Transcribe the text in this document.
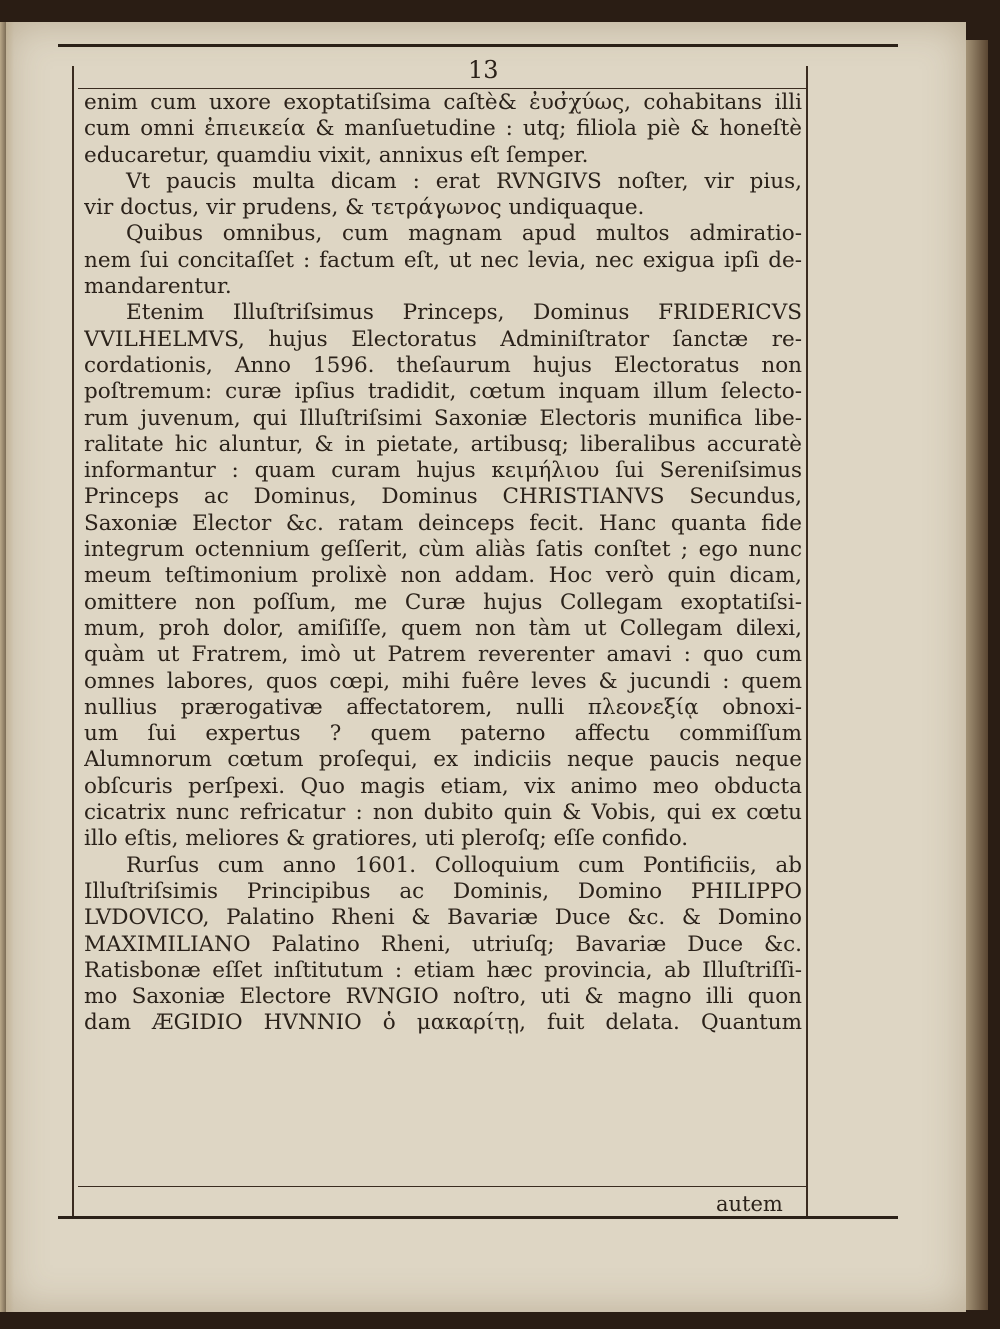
13
enim cum uxore exoptatiſsima caſtè& ἐυσ̓χύως, cohabitans illi
cum omni ἐπιεικεία & manſuetudine : utq; filiola piè & honeſtè
educaretur, quamdiu vixit, annixus eſt ſemper.
Vt paucis multa dicam : erat RVNGIVS noſter, vir pius,
vir doctus, vir prudens, & τετράγωνος undiquaque.
Quibus omnibus, cum magnam apud multos admiratio-
nem ſui concitaſſet : factum eſt, ut nec levia, nec exigua ipſi de-
mandarentur.
Etenim Illuſtriſsimus Princeps, Dominus FRIDERICVS
VVILHELMVS, hujus Electoratus Adminiſtrator ſanctæ re-
cordationis, Anno 1596. theſaurum hujus Electoratus non
poſtremum: curæ ipſius tradidit, cœtum inquam illum ſelecto-
rum juvenum, qui Illuſtriſsimi Saxoniæ Electoris munifica libe-
ralitate hic aluntur, & in pietate, artibusq; liberalibus accuratè
informantur : quam curam hujus κειμήλιου ſui Sereniſsimus
Princeps ac Dominus, Dominus CHRISTIANVS Secundus,
Saxoniæ Elector &c. ratam deinceps fecit. Hanc quanta fide
integrum octennium geſſerit, cùm aliàs ſatis conſtet ; ego nunc
meum teſtimonium prolixè non addam. Hoc verò quin dicam,
omittere non poſſum, me Curæ hujus Collegam exoptatiſsi-
mum, proh dolor, amiſiſſe, quem non tàm ut Collegam dilexi,
quàm ut Fratrem, imò ut Patrem reverenter amavi : quo cum
omnes labores, quos cœpi, mihi fuêre leves & jucundi : quem
nullius prærogativæ affectatorem, nulli πλεονεξίᾳ obnoxi-
um ſui expertus ? quem paterno affectu commiſſum
Alumnorum cœtum proſequi, ex indiciis neque paucis neque
obſcuris perſpexi. Quo magis etiam, vix animo meo obducta
cicatrix nunc refricatur : non dubito quin & Vobis, qui ex cœtu
illo eſtis, meliores & gratiores, uti pleroſq; eſſe confido.
Rurſus cum anno 1601. Colloquium cum Pontificiis, ab
Illuſtriſsimis Principibus ac Dominis, Domino PHILIPPO
LVDOVICO, Palatino Rheni & Bavariæ Duce &c. & Domino
MAXIMILIANO Palatino Rheni, utriuſq; Bavariæ Duce &c.
Ratisbonæ eſſet inſtitutum : etiam hæc provincia, ab Illuſtriſſi-
mo Saxoniæ Electore RVNGIO noſtro, uti & magno illi quon
dam ÆGIDIO HVNNIO ὁ μακαρίτῃ, fuit delata. Quantum
autem
